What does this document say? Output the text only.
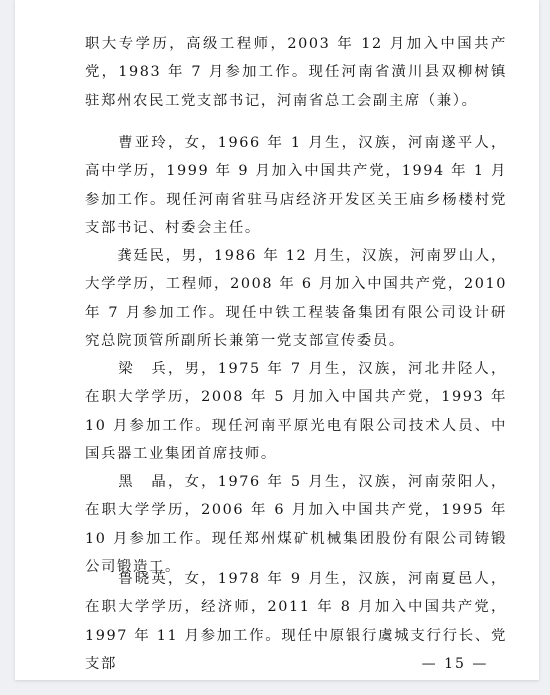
职大专学历，高级工程师，2003 年 12 月加入中国共产党，1983 年 7 月参加工作。现任河南省潢川县双柳树镇驻郑州农民工党支部书记，河南省总工会副主席（兼）。

　　曹亚玲，女，1966 年 1 月生，汉族，河南遂平人，高中学历，1999 年 9 月加入中国共产党，1994 年 1 月参加工作。现任河南省驻马店经济开发区关王庙乡杨楼村党支部书记、村委会主任。

　　龚廷民，男，1986 年 12 月生，汉族，河南罗山人，大学学历，工程师，2008 年 6 月加入中国共产党，2010 年 7 月参加工作。现任中铁工程装备集团有限公司设计研究总院顶管所副所长兼第一党支部宣传委员。

　　梁　兵，男，1975 年 7 月生，汉族，河北井陉人，在职大学学历，2008 年 5 月加入中国共产党，1993 年 10 月参加工作。现任河南平原光电有限公司技术人员、中国兵器工业集团首席技师。

　　黑　晶，女，1976 年 5 月生，汉族，河南荥阳人，在职大学学历，2006 年 6 月加入中国共产党，1995 年 10 月参加工作。现任郑州煤矿机械集团股份有限公司铸锻公司锻造工。

　　鲁晓英，女，1978 年 9 月生，汉族，河南夏邑人，在职大学学历，经济师，2011 年 8 月加入中国共产党，1997 年 11 月参加工作。现任中原银行虞城支行行长、党支部	— 15 —
